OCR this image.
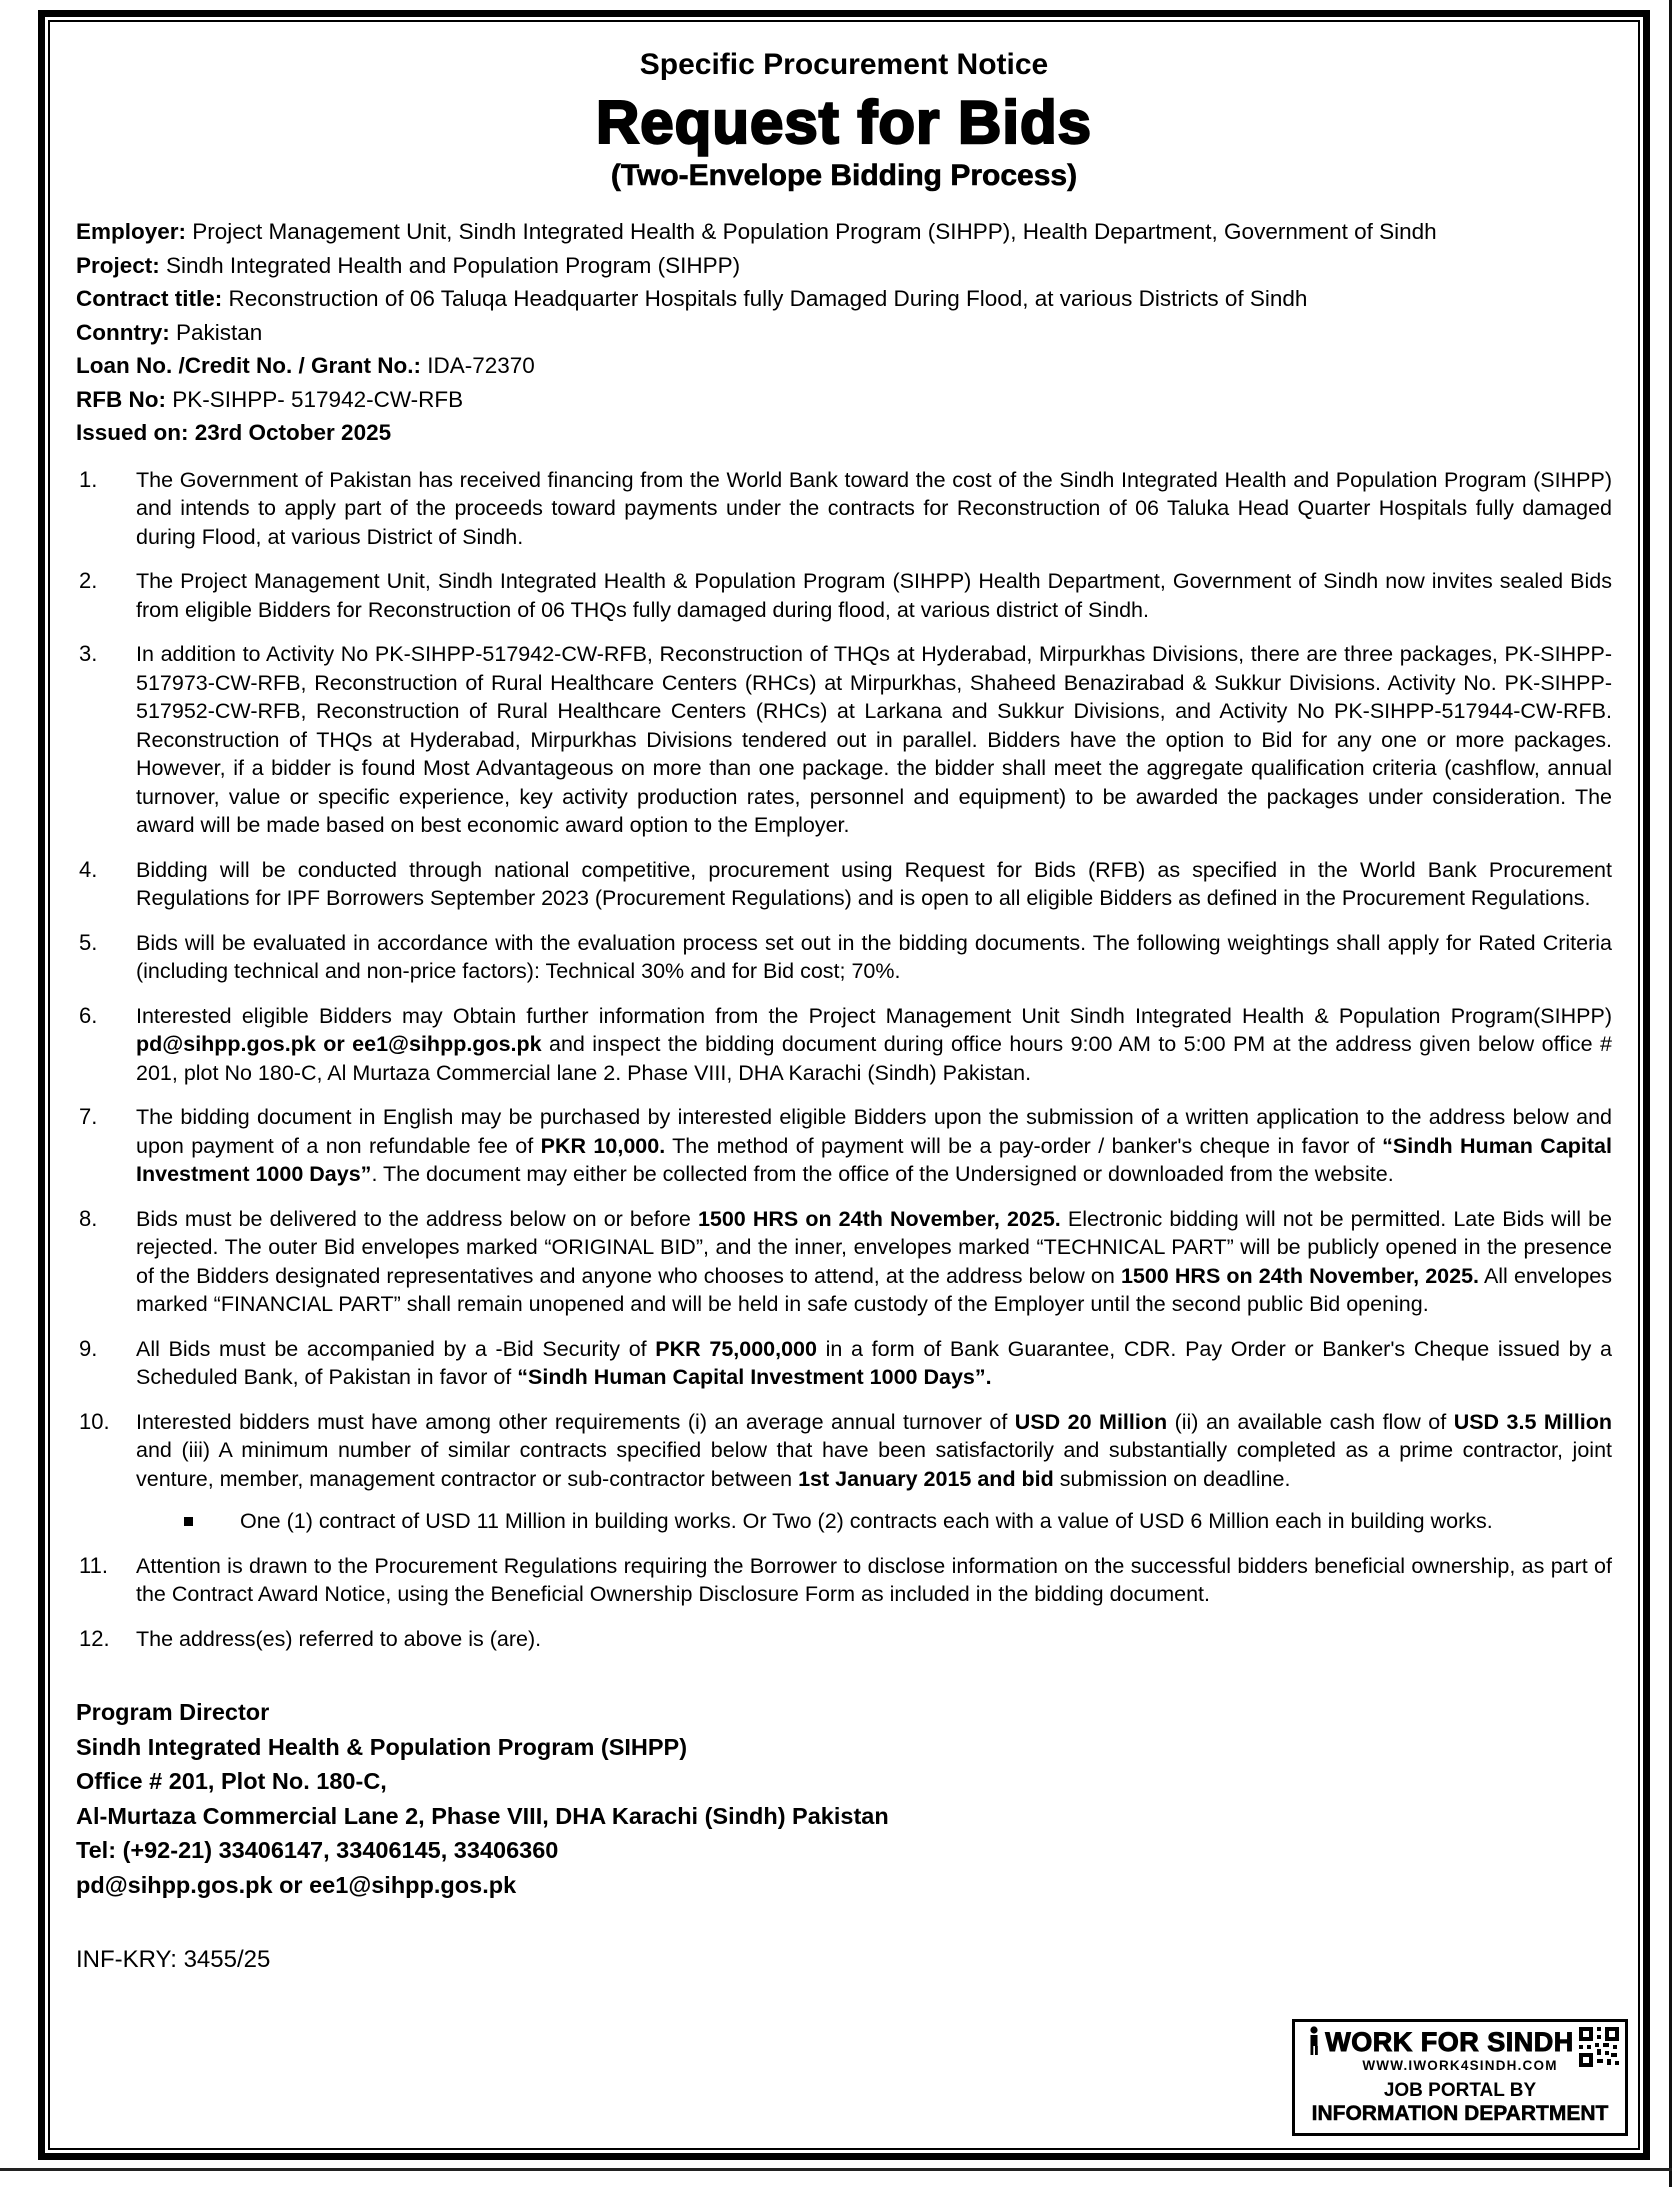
Specific Procurement Notice
Request for Bids
(Two-Envelope Bidding Process)

Employer: Project Management Unit, Sindh Integrated Health & Population Program (SIHPP), Health Department, Government of Sindh

Project: Sindh Integrated Health and Population Program (SIHPP)

Contract title: Reconstruction of 06 Taluqa Headquarter Hospitals fully Damaged During Flood, at various Districts of Sindh

Conntry: Pakistan

Loan No. /Credit No. / Grant No.: IDA-72370

RFB No: PK-SIHPP- 517942-CW-RFB

Issued on: 23rd October 2025

1.	The Government of Pakistan has received financing from the World Bank toward the cost of the Sindh Integrated Health and Population Program (SIHPP) and intends to apply part of the proceeds toward payments under the contracts for Reconstruction of 06 Taluka Head Quarter Hospitals fully damaged during Flood, at various District of Sindh.
2.	The Project Management Unit, Sindh Integrated Health & Population Program (SIHPP) Health Department, Government of Sindh now invites sealed Bids from eligible Bidders for Reconstruction of 06 THQs fully damaged during flood, at various district of Sindh.
3.	In addition to Activity No PK-SIHPP-517942-CW-RFB, Reconstruction of THQs at Hyderabad, Mirpurkhas Divisions, there are three packages, PK-SIHPP-517973-CW-RFB, Reconstruction of Rural Healthcare Centers (RHCs) at Mirpurkhas, Shaheed Benazirabad & Sukkur Divisions. Activity No. PK-SIHPP-517952-CW-RFB, Reconstruction of Rural Healthcare Centers (RHCs) at Larkana and Sukkur Divisions, and Activity No PK-SIHPP-517944-CW-RFB. Reconstruction of THQs at Hyderabad, Mirpurkhas Divisions tendered out in parallel. Bidders have the option to Bid for any one or more packages. However, if a bidder is found Most Advantageous on more than one package. the bidder shall meet the aggregate qualification criteria (cashflow, annual turnover, value or specific experience, key activity production rates, personnel and equipment) to be awarded the packages under consideration. The award will be made based on best economic award option to the Employer.
4.	Bidding will be conducted through national competitive, procurement using Request for Bids (RFB) as specified in the World Bank Procurement Regulations for IPF Borrowers September 2023 (Procurement Regulations) and is open to all eligible Bidders as defined in the Procurement Regulations.
5.	Bids will be evaluated in accordance with the evaluation process set out in the bidding documents. The following weightings shall apply for Rated Criteria (including technical and non-price factors): Technical 30% and for Bid cost; 70%.
6.	Interested eligible Bidders may Obtain further information from the Project Management Unit Sindh Integrated Health & Population Program(SIHPP) pd@sihpp.gos.pk or ee1@sihpp.gos.pk and inspect the bidding document during office hours 9:00 AM to 5:00 PM at the address given below office # 201, plot No 180-C, Al Murtaza Commercial lane 2. Phase VIII, DHA Karachi (Sindh) Pakistan.
7.	The bidding document in English may be purchased by interested eligible Bidders upon the submission of a written application to the address below and upon payment of a non refundable fee of PKR 10,000. The method of payment will be a pay-order / banker's cheque in favor of “Sindh Human Capital Investment 1000 Days”. The document may either be collected from the office of the Undersigned or downloaded from the website.
8.	Bids must be delivered to the address below on or before 1500 HRS on 24th November, 2025. Electronic bidding will not be permitted. Late Bids will be rejected. The outer Bid envelopes marked “ORIGINAL BID”, and the inner, envelopes marked “TECHNICAL PART” will be publicly opened in the presence of the Bidders designated representatives and anyone who chooses to attend, at the address below on 1500 HRS on 24th November, 2025. All envelopes marked “FINANCIAL PART” shall remain unopened and will be held in safe custody of the Employer until the second public Bid opening.
9.	All Bids must be accompanied by a -Bid Security of PKR 75,000,000 in a form of Bank Guarantee, CDR. Pay Order or Banker's Cheque issued by a Scheduled Bank, of Pakistan in favor of “Sindh Human Capital Investment 1000 Days”.
10.	Interested bidders must have among other requirements (i) an average annual turnover of USD 20 Million (ii) an available cash flow of USD 3.5 Million and (iii) A minimum number of similar contracts specified below that have been satisfactorily and substantially completed as a prime contractor, joint venture, member, management contractor or sub-contractor between 1st January 2015 and bid submission on deadline.
One (1) contract of USD 11 Million in building works. Or Two (2) contracts each with a value of USD 6 Million each in building works.
11.	Attention is drawn to the Procurement Regulations requiring the Borrower to disclose information on the successful bidders beneficial ownership, as part of the Contract Award Notice, using the Beneficial Ownership Disclosure Form as included in the bidding document.
12.	The address(es) referred to above is (are).

Program Director

Sindh Integrated Health & Population Program (SIHPP)

Office # 201, Plot No. 180-C,

Al-Murtaza Commercial Lane 2, Phase VIII, DHA Karachi (Sindh) Pakistan

Tel: (+92-21) 33406147, 33406145, 33406360

pd@sihpp.gos.pk or ee1@sihpp.gos.pk

INF-KRY: 3455/25

WORK FOR SINDH
WWW.IWORK4SINDH.COM
JOB PORTAL BY
INFORMATION DEPARTMENT
